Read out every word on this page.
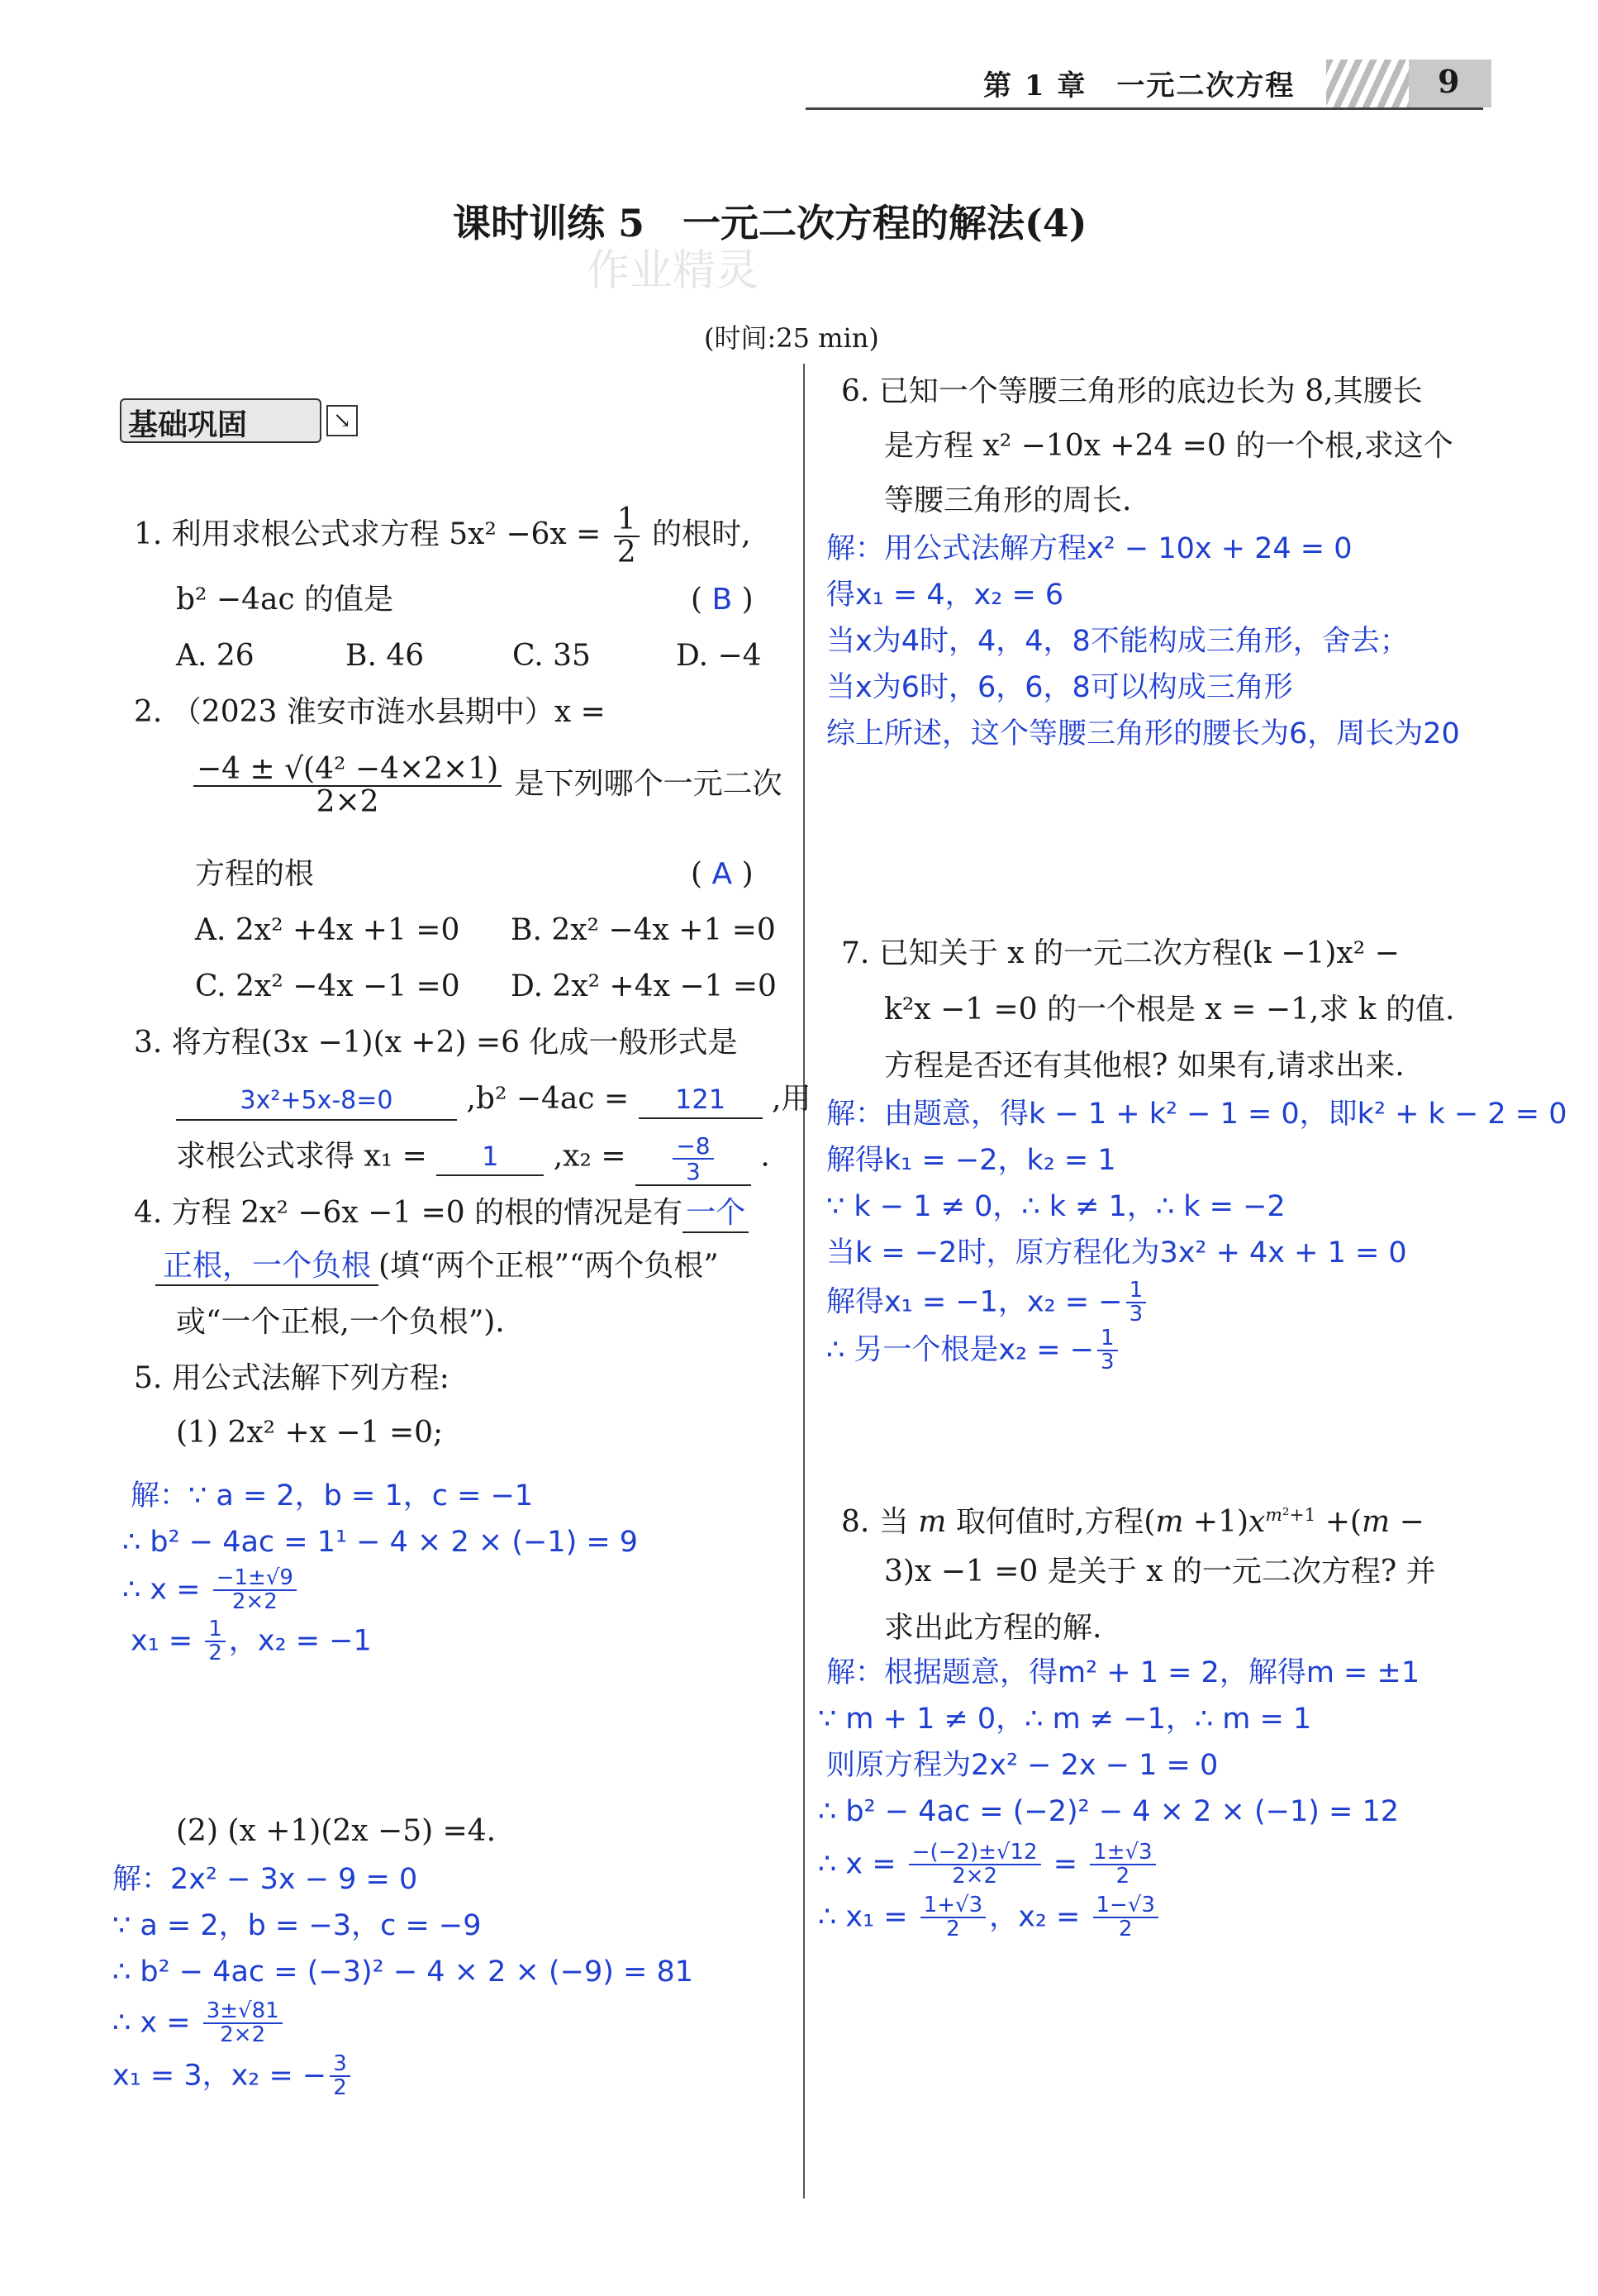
第 1 章　一元二次方程	9
课时训练 5　一元二次方程的解法(4)
作业精灵
(时间:25 min)
基础巩固	↘
1. 利用求根公式求方程 $5x^2 -6x = \frac{1}{2}$ 的根时,
b² −4ac 的值是	( B )
A. 26	B. 46	C. 35	D. −4
2. （2023 淮安市涟水县期中）x =
$\frac{\text{−4 ± √(4² −4×2×1)}}{2\times 2}$ 是下列哪个一元二次
方程的根	( A )
A. 2x² +4x +1 =0 B. 2x² −4x +1 =0
C. 2x² −4x −1 =0 D. 2x² +4x −1 =0
3. 将方程(3x −1)(x +2) =6 化成一般形式是
3x²+5x-8=0 ,b² −4ac = 121 ,用
求根公式求得 x₁ = 1 $,x_2 = \frac{-8}{3}$ .
4. 方程 2x² −6x −1 =0 的根的情况是有 一个
正根，一个负根 (填“两个正根”“两个负根”
或“一个正根,一个负根”).
5. 用公式法解下列方程:
(1) 2x² +x −1 =0;
解：∵ a = 2，b = 1，c = −1
∴ b² − 4ac = 1¹ − 4 × 2 × (−1) = 9
∴ $x = \frac{-1\pm√9}{2\times 2}$
$x_1 = \frac{1}{2}$ ，x₂ = −1
(2) (x +1)(2x −5) =4.
解：2x² − 3x − 9 = 0
∵ a = 2，b = −3，c = −9
∴ b² − 4ac = (−3)² − 4 × 2 × (−9) = 81
∴ $x = \frac{3\pm√81}{2\times 2}$
x₁ = 3，x₂ = − $\frac{3}{2}$
6. 已知一个等腰三角形的底边长为 8,其腰长
是方程 x² −10x +24 =0 的一个根,求这个
等腰三角形的周长.
解：用公式法解方程x² − 10x + 24 = 0
得x₁ = 4，x₂ = 6
当x为4时，4，4，8不能构成三角形，舍去；
当x为6时，6，6，8可以构成三角形
综上所述，这个等腰三角形的腰长为6，周长为20
7. 已知关于 x 的一元二次方程(k −1)x² −
k²x −1 =0 的一个根是 x = −1,求 k 的值.
方程是否还有其他根? 如果有,请求出来.
解：由题意，得k − 1 + k² − 1 = 0，即k² + k − 2 = 0
解得k₁ = −2，k₂ = 1
∵ k − 1 ≠ 0，∴ k ≠ 1，∴ k = −2
当k = −2时，原方程化为3x² + 4x + 1 = 0
解得x₁ = −1，x₂ = − $\frac{1}{3}$
∴ 另一个根是x₂ = − $\frac{1}{3}$
8. 当 m 取何值时,方程$(m +1)x^{m^2+1} +(m$ −
3)x −1 =0 是关于 x 的一元二次方程? 并
求出此方程的解.
解：根据题意，得m² + 1 = 2，解得m = ±1
∵ m + 1 ≠ 0，∴ m ≠ −1，∴ m = 1
则原方程为2x² − 2x − 1 = 0
∴ b² − 4ac = (−2)² − 4 × 2 × (−1) = 12
∴ $x = \frac{-(-2)\pm√12}{2\times 2} = \frac{1\pm√3}{2}$
∴ $x_1 = \frac{1+√3}{2}$ ，$x_2 = \frac{1-√3}{2}$
